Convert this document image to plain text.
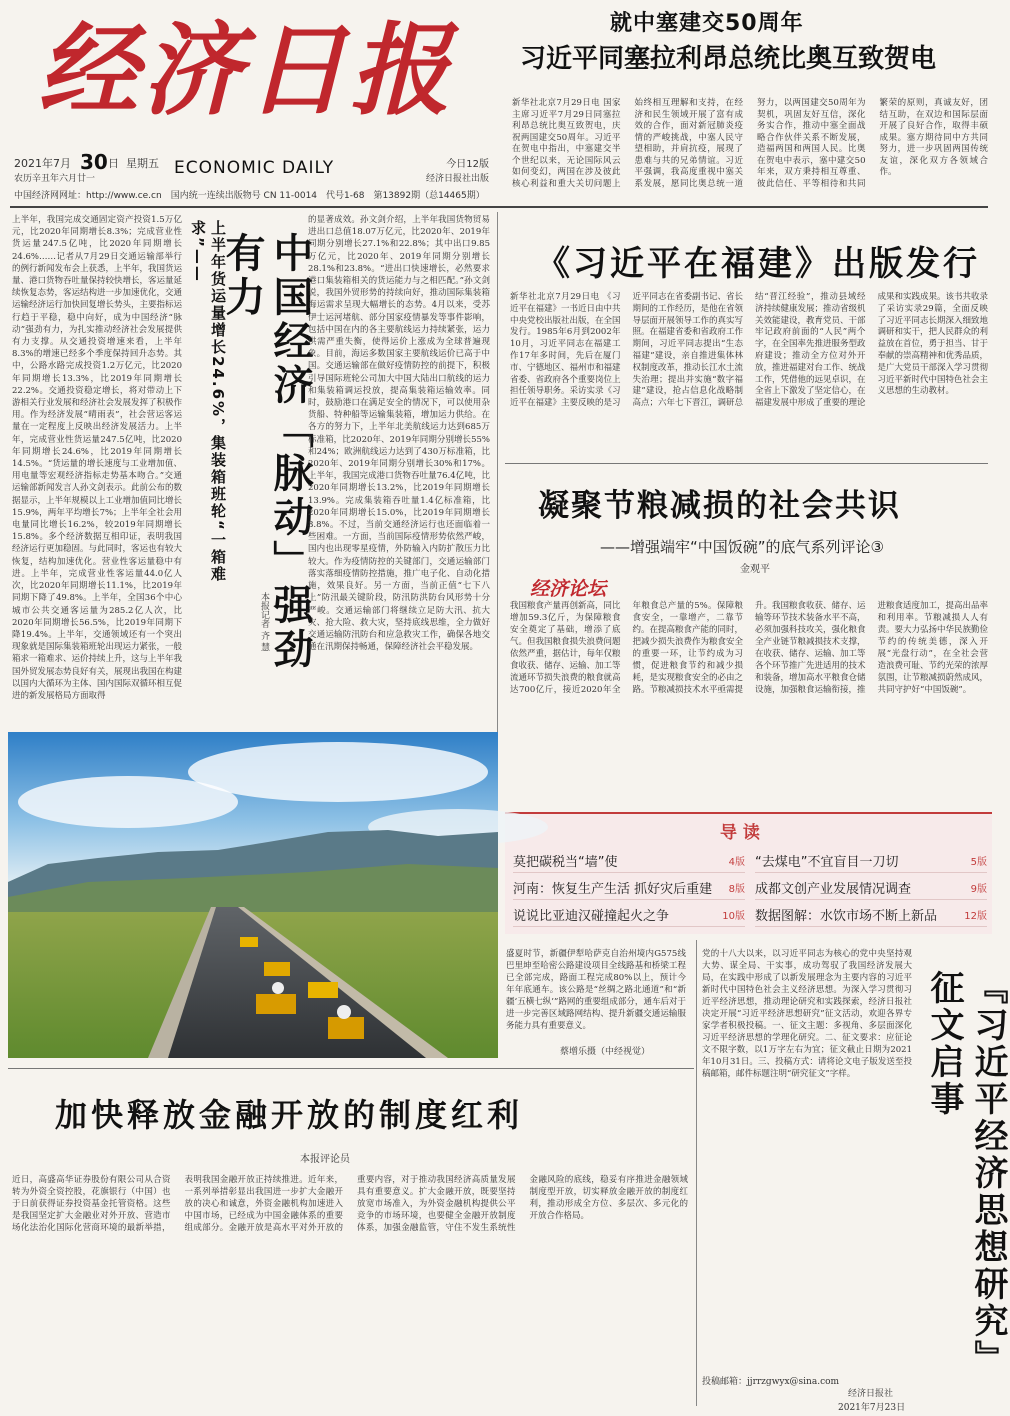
经济日报
2021年7月 30 日 星期五
农历辛丑年六月廿一
ECONOMIC DAILY	今日12版
经济日报社出版
中国经济网网址：http://www.ce.cn　国内统一连续出版物号 CN 11-0014　代号1-68　第13892期（总14465期）
就中塞建交50周年
习近平同塞拉利昂总统比奥互致贺电
新华社北京7月29日电 国家主席习近平7月29日同塞拉利昂总统比奥互致贺电，庆祝两国建交50周年。习近平在贺电中指出，中塞建交半个世纪以来，无论国际风云如何变幻，两国在涉及彼此核心利益和重大关切问题上始终相互理解和支持，在经济和民生领域开展了富有成效的合作，面对新冠肺炎疫情的严峻挑战，中塞人民守望相助，并肩抗疫，展现了患难与共的兄弟情谊。习近平强调，我高度重视中塞关系发展，愿同比奥总统一道努力，以两国建交50周年为契机，巩固友好互信，深化务实合作，推动中塞全面战略合作伙伴关系不断发展，造福两国和两国人民。比奥在贺电中表示，塞中建交50年来，双方秉持相互尊重、彼此信任、平等相待和共同繁荣的原则，真诚友好，团结互助，在双边和国际层面开展了良好合作，取得丰硕成果。塞方期待同中方共同努力，进一步巩固两国传统友谊，深化双方各领域合作。
上半年，我国完成交通固定资产投资1.5万亿元，比2020年同期增长8.3%；完成营业性货运量247.5亿吨，比2020年同期增长24.6%……记者从7月29日交通运输部举行的例行新闻发布会上获悉，上半年，我国货运量、港口货物吞吐量保持较快增长，客运量延续恢复态势，客运结构进一步加速优化，交通运输经济运行加快回复增长势头，主要指标运行趋于平稳，稳中向好，成为中国经济“脉动”强劲有力，为扎实推动经济社会发展提供有力支撑。从交通投资增速来看，上半年8.3%的增速已经多个季度保持回升态势。其中，公路水路完成投资1.2万亿元，比2020年同期增长13.3%，比2019年同期增长22.2%。交通投资稳定增长，将对带动上下游相关行业发展和经济社会发展发挥了积极作用。作为经济发展“晴雨表”，社会营运客运量在一定程度上反映出经济发展活力。上半年，完成营业性货运量247.5亿吨，比2020年同期增长24.6%，比2019年同期增长14.5%。“货运量的增长速度与工业增加值、用电量等宏观经济指标走势基本吻合。”交通运输部新闻发言人孙文剑表示。此前公布的数据显示，上半年规模以上工业增加值同比增长15.9%，两年平均增长7%；上半年全社会用电量同比增长16.2%，较2019年同期增长15.8%。多个经济数据互相印证，表明我国经济运行更加稳固。与此同时，客运也有较大恢复，结构加速优化。营业性客运量稳中有进。上半年，完成营业性客运量44.0亿人次，比2020年同期增长11.1%，比2019年同期下降了49.8%。上半年，全国36个中心城市公共交通客运量为285.2亿人次，比2020年同期增长56.5%，比2019年同期下降19.4%。上半年，交通领域还有一个突出现象就是国际集装箱班轮出现运力紧张，一般箱求一箱难求、运价持续上升，这与上半年我国外贸发展态势良好有关，展现出我国在构建以国内大循环为主体、国内国际双循环相互促进的新发展格局方面取得
上半年货运量增长24.6%，集装箱班轮“一箱难求”——	中国经济「脉动」强劲有力
本报记者 齐 慧
的显著成效。孙文剑介绍，上半年我国货物贸易进出口总值18.07万亿元，比2020年、2019年同期分别增长27.1%和22.8%；其中出口9.85万亿元，比2020年、2019年同期分别增长28.1%和23.8%。“进出口快速增长，必然要求港口集装箱相关的货运能力与之相匹配。”孙文剑说，我国外贸形势的持续向好，推动国际集装箱海运需求呈现大幅增长的态势。4月以来，受苏伊士运河堵航、部分国家疫情暴发等事件影响，包括中国在内的各主要航线运力持续紧张，运力供需严重失衡，使得运价上涨成为全球普遍现象。目前，海运多数国家主要航线运价已高于中国。交通运输部在做好疫情防控的前提下，积极引导国际班轮公司加大中国大陆出口航线的运力和集装箱调运投放，提高集装箱运输效率。同时，鼓励港口在满足安全的情况下，可以使用杂货船、特种船等运输集装箱，增加运力供给。在各方的努力下，上半年北美航线运力达到685万标准箱，比2020年、2019年同期分别增长55%和24%；欧洲航线运力达到了430万标准箱，比2020年、2019年同期分别增长30%和17%。上半年，我国完成港口货物吞吐量76.4亿吨，比2020年同期增长13.2%，比2019年同期增长13.9%。完成集装箱吞吐量1.4亿标准箱，比2020年同期增长15.0%，比2019年同期增长8.8%。不过，当前交通经济运行也还面临着一些困难。一方面，当前国际疫情形势依然严峻，国内也出现零星疫情，外防输入内防扩散压力比较大。作为疫情防控的关键部门，交通运输部门落实落细疫情防控措施，推广电子化、自动化措施，效果良好。另一方面，当前正值“七下八上”防汛最关键阶段，防汛防洪防台风形势十分严峻。交通运输部门将继续立足防大汛、抗大灾、抢大险、救大灾，坚持底线思维，全力做好交通运输防汛防台和应急救灾工作，确保各地交通在汛期保持畅通，保障经济社会平稳发展。
《习近平在福建》出版发行
新华社北京7月29日电 《习近平在福建》一书近日由中共中央党校出版社出版，在全国发行。1985年6月到2002年10月，习近平同志在福建工作17年多时间，先后在厦门市、宁德地区、福州市和福建省委、省政府各个重要岗位上担任领导职务。采访实录《习近平在福建》主要反映的是习近平同志在省委副书记、省长期间的工作经历，是他在省领导层面开展领导工作的真实写照。在福建省委和省政府工作期间，习近平同志提出“生态福建”建设，亲自推进集体林权制度改革，推动长江水土流失治理；提出并实施“数字福建”建设，抢占信息化战略制高点；六年七下晋江，调研总结“晋江经验”，推动县域经济持续健康发展；推动省级机关效能建设，教育党员、干部牢记政府前面的“人民”两个字，在全国率先推进服务型政府建设；推动全方位对外开放，推进福建对台工作、统战工作，凭借他的远见卓识，在全省上下激发了坚定信心，在福建发展中形成了重要的理论成果和实践成果。该书共收录了采访实录29篇，全面反映了习近平同志长期深入细致地调研和实干，把人民群众的利益放在首位，勇于担当、甘于奉献的崇高精神和优秀品质，是广大党员干部深入学习贯彻习近平新时代中国特色社会主义思想的生动教材。
凝聚节粮减损的社会共识
——增强端牢“中国饭碗”的底气系列评论③
金观平
经济论坛
我国粮食产量再创新高，同比增加59.3亿斤，为保障粮食安全奠定了基础，增添了底气。但我国粮食损失浪费问题依然严重，据估计，每年仅粮食收获、储存、运输、加工等流通环节损失浪费的粮食就高达700亿斤，接近2020年全年粮食总产量的5%。保障粮食安全，一靠增产，二靠节约。在提高粮食产能的同时，把减少损失浪费作为粮食安全的重要一环，让节约成为习惯，促进粮食节约和减少损耗，是实现粮食安全的必由之路。节粮减损技术水平亟需提升。我国粮食收获、储存、运输等环节技术装备水平不高，必须加强科技攻关，强化粮食全产业链节粮减损技术支撑，在收获、储存、运输、加工等各个环节推广先进适用的技术和装备，增加高水平粮食仓储设施，加强粮食运输衔接，推进粮食适度加工，提高出品率和利用率。节粮减损人人有责。要大力弘扬中华民族勤俭节约的传统美德，深入开展“光盘行动”，在全社会营造浪费可耻、节约光荣的浓厚氛围，让节粮减损蔚然成风，共同守护好“中国饭碗”。
导 读
莫把碳税当“墙”使	4版 “去煤电”不宜盲目一刀切	5版
河南：恢复生产生活 抓好灾后重建 8版 成都文创产业发展情况调查	9版
说说比亚迪汉碰撞起火之争	10版 数据图解：水饮市场不断上新品	12版
盛夏时节，新疆伊犁哈萨克自治州境内G575线巴里坤至哈密公路建设项目全线路基和桥梁工程已全部完成，路面工程完成80%以上，预计今年年底通车。该公路是“丝绸之路北通道”和“新疆‘五横七纵’”路网的重要组成部分，通车后对于进一步完善区域路网结构、提升新疆交通运输服务能力具有重要意义。
蔡增乐摄（中经视觉）
党的十八大以来，以习近平同志为核心的党中央坚持观大势、谋全局、干实事，成功驾驭了我国经济发展大局，在实践中形成了以新发展理念为主要内容的习近平新时代中国特色社会主义经济思想。为深入学习贯彻习近平经济思想，推动理论研究和实践探索，经济日报社决定开展“习近平经济思想研究”征文活动，欢迎各界专家学者积极投稿。一、征文主题：多视角、多层面深化习近平经济思想的学理化研究。二、征文要求：应征论文不限字数，以1万字左右为宜；征文截止日期为2021年10月31日。三、投稿方式：请将论文电子版发送至投稿邮箱，邮件标题注明“研究征文”字样。
投稿邮箱：jjrrzgwyx@sina.com
经济日报社
2021年7月23日
『习近平经济思想研究』征文启事
加快释放金融开放的制度红利
本报评论员
近日，高盛高华证券股份有限公司从合资转为外资全资控股，花旗银行（中国）也于日前获得证券投资基金托管资格。这些是我国坚定扩大金融业对外开放、营造市场化法治化国际化营商环境的最新举措，表明我国金融开放正持续推进。近年来，一系列举措彰显出我国进一步扩大金融开放的决心和诚意，外资金融机构加速进入中国市场，已经成为中国金融体系的重要组成部分。金融开放是高水平对外开放的重要内容，对于推动我国经济高质量发展具有重要意义。扩大金融开放，既要坚持放宽市场准入，为外资金融机构提供公平竞争的市场环境，也要健全金融开放制度体系，加强金融监管，守住不发生系统性金融风险的底线，稳妥有序推进金融领域制度型开放，切实释放金融开放的制度红利，推动形成全方位、多层次、多元化的开放合作格局。
